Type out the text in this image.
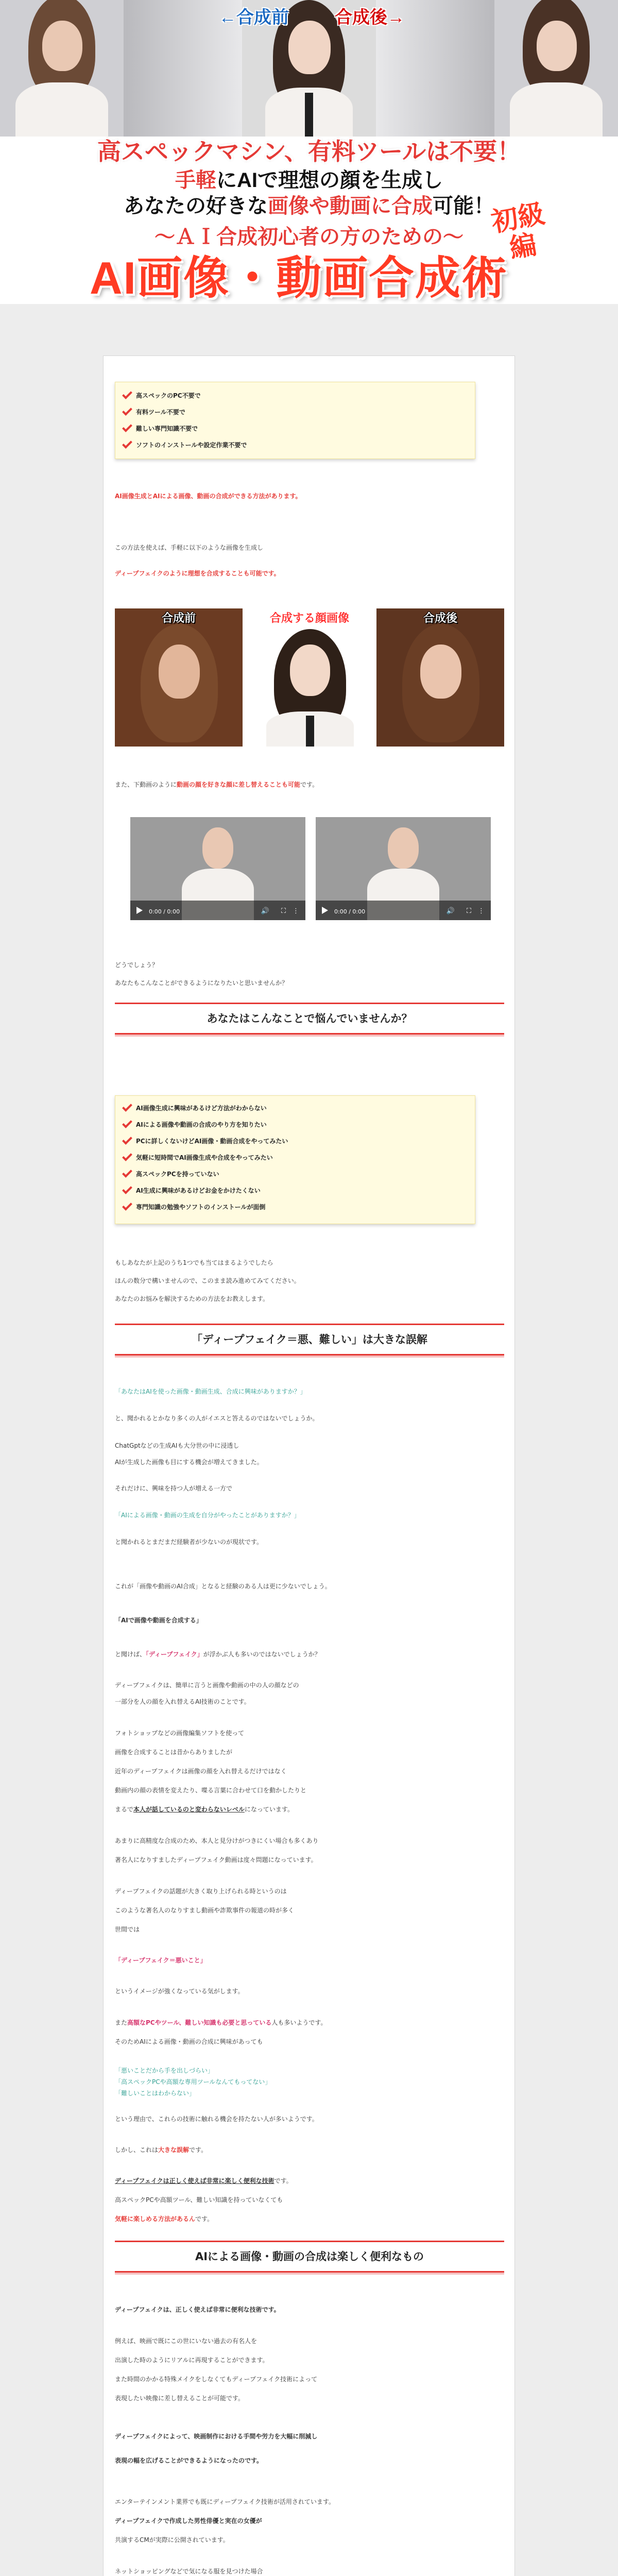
←合成前	合成後→
高スペックマシン、有料ツールは不要！
手軽にAIで理想の顔を生成し
あなたの好きな画像や動画に合成可能！
〜ＡＩ合成初心者の方のための〜
AI画像・動画合成術
初級編
高スペックのPC不要で
有料ツール不要で
難しい専門知識不要で
ソフトのインストールや設定作業不要で
AI画像生成とAIによる画像、動画の合成ができる方法があります。
この方法を使えば、手軽に以下のような画像を生成し
ディープフェイクのように理想を合成することも可能です。
合成前	合成する顔画像	合成後
また、下動画のように動画の顔を好きな顔に差し替えることも可能です。
0:00 / 0:00	🔊 ⛶ ⋮	0:00 / 0:00	🔊 ⛶ ⋮
どうでしょう？
あなたもこんなことができるようになりたいと思いませんか？
あなたはこんなことで悩んでいませんか？
AI画像生成に興味があるけど方法がわからない
AIによる画像や動画の合成のやり方を知りたい
PCに詳しくないけどAI画像・動画合成をやってみたい
気軽に短時間でAI画像生成や合成をやってみたい
高スペックPCを持っていない
AI生成に興味があるけどお金をかけたくない
専門知識の勉強やソフトのインストールが面倒
もしあなたが上記のうち1つでも当てはまるようでしたら
ほんの数分で構いませんので、このまま読み進めてみてください。
あなたのお悩みを解決するための方法をお教えします。
「ディープフェイク＝悪、難しい」は大きな誤解
「あなたはAIを使った画像・動画生成、合成に興味がありますか？」
と、聞かれるとかなり多くの人がイエスと答えるのではないでしょうか。
ChatGptなどの生成AIも大分世の中に浸透し
AIが生成した画像も目にする機会が増えてきました。
それだけに、興味を持つ人が増える一方で
「AIによる画像・動画の生成を自分がやったことがありますか？」
と聞かれるとまだまだ経験者が少ないのが現状です。
これが「画像や動画のAI合成」となると経験のある人は更に少ないでしょう。
「AIで画像や動画を合成する」
と聞けば、「ディープフェイク」が浮かぶ人も多いのではないでしょうか？
ディープフェイクは、簡単に言うと画像や動画の中の人の顔などの
一部分を人の顔を入れ替えるAI技術のことです。
フォトショップなどの画像編集ソフトを使って
画像を合成することは昔からありましたが
近年のディープフェイクは画像の顔を入れ替えるだけではなく
動画内の顔の表情を変えたり、喋る言葉に合わせて口を動かしたりと
まるで本人が話しているのと変わらないレベルになっています。
あまりに高精度な合成のため、本人と見分けがつきにくい場合も多くあり
著名人になりすましたディープフェイク動画は度々問題になっています。
ディープフェイクの話題が大きく取り上げられる時というのは
このような著名人のなりすまし動画や詐欺事件の報道の時が多く
世間では
「ディープフェイク＝悪いこと」
というイメージが強くなっている気がします。
また高額なPCやツール、難しい知識も必要と思っている人も多いようです。
そのためAIによる画像・動画の合成に興味があっても
「悪いことだから手を出しづらい」
「高スペックPCや高額な専用ツールなんてもってない」
「難しいことはわからない」
という理由で、これらの技術に触れる機会を持たない人が多いようです。
しかし、これは大きな誤解です。
ディープフェイクは正しく使えば非常に楽しく便利な技術です。
高スペックPCや高額ツール、難しい知識を持っていなくても
気軽に楽しめる方法があるんです。
AIによる画像・動画の合成は楽しく便利なもの
ディープフェイクは、正しく使えば非常に便利な技術です。
例えば、映画で既にこの世にいない過去の有名人を
出演した時のようにリアルに再現することができます。
また時間のかかる特殊メイクをしなくてもディープフェイク技術によって
表現したい映像に差し替えることが可能です。
ディープフェイクによって、映画制作における手間や労力を大幅に削減し
表現の幅を広げることができるようになったのです。
エンターテインメント業界でも既にディープフェイク技術が活用されています。
ディープフェイクで作成した男性俳優と実在の女優が
共演するCMが実際に公開されています。
ネットショッピングなどで気になる服を見つけた場合
